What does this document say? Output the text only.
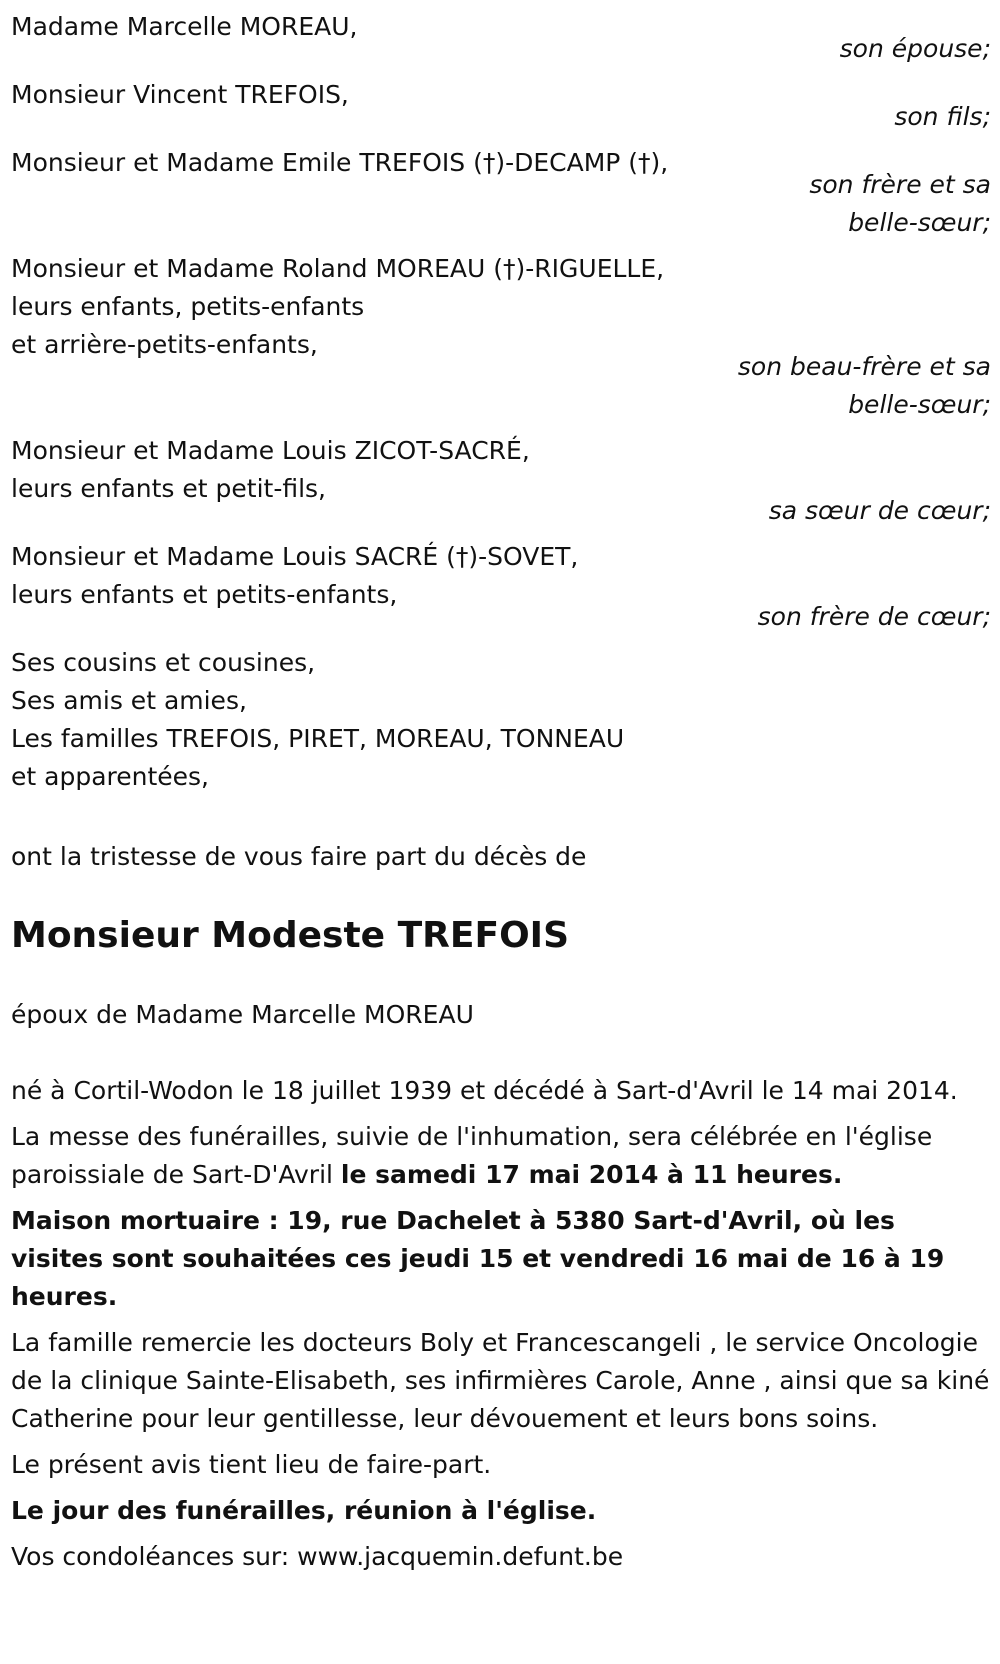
Madame Marcelle MOREAU,
son épouse;
Monsieur Vincent TREFOIS,
son fils;
Monsieur et Madame Emile TREFOIS (†)-DECAMP (†),
son frère et sa
belle-sœur;
Monsieur et Madame Roland MOREAU (†)-RIGUELLE,
leurs enfants, petits-enfants
et arrière-petits-enfants,
son beau-frère et sa
belle-sœur;
Monsieur et Madame Louis ZICOT-SACRÉ,
leurs enfants et petit-fils,
sa sœur de cœur;
Monsieur et Madame Louis SACRÉ (†)-SOVET,
leurs enfants et petits-enfants,
son frère de cœur;
Ses cousins et cousines,
Ses amis et amies,
Les familles TREFOIS, PIRET, MOREAU, TONNEAU
et apparentées,

ont la tristesse de vous faire part du décès de

Monsieur Modeste TREFOIS

époux de Madame Marcelle MOREAU

né à Cortil-Wodon le 18 juillet 1939 et décédé à Sart-d'Avril le 14 mai 2014.

La messe des funérailles, suivie de l'inhumation, sera célébrée en l'église paroissiale de Sart-D'Avril le samedi 17 mai 2014 à 11 heures.

Maison mortuaire : 19, rue Dachelet à 5380 Sart-d'Avril, où les visites sont souhaitées ces jeudi 15 et vendredi 16 mai de 16 à 19 heures.

La famille remercie les docteurs Boly et Francescangeli , le service Oncologie de la clinique Sainte-Elisabeth, ses infirmières Carole, Anne , ainsi que sa kiné Catherine pour leur gentillesse, leur dévouement et leurs bons soins.

Le présent avis tient lieu de faire-part.

Le jour des funérailles, réunion à l'église.

Vos condoléances sur: www.jacquemin.defunt.be
